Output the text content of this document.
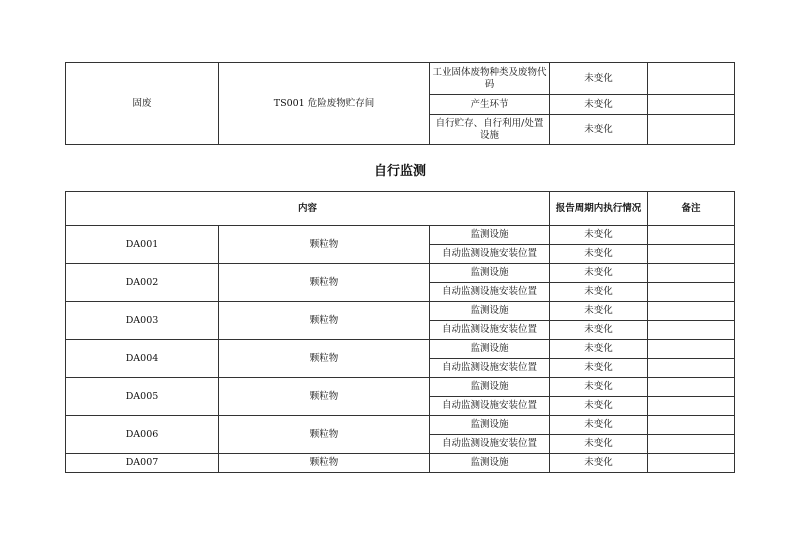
固废	TS001 危险废物贮存间	工业固体废物种类及废物代码	未变化	
		产生环节	未变化	
		自行贮存、自行利用/处置设施	未变化	
自行监测
内容			报告周期内执行情况	备注
DA001	颗粒物	监测设施	未变化	
		自动监测设施安装位置	未变化	
DA002	颗粒物	监测设施	未变化	
		自动监测设施安装位置	未变化	
DA003	颗粒物	监测设施	未变化	
		自动监测设施安装位置	未变化	
DA004	颗粒物	监测设施	未变化	
		自动监测设施安装位置	未变化	
DA005	颗粒物	监测设施	未变化	
		自动监测设施安装位置	未变化	
DA006	颗粒物	监测设施	未变化	
		自动监测设施安装位置	未变化	
DA007	颗粒物	监测设施	未变化	
